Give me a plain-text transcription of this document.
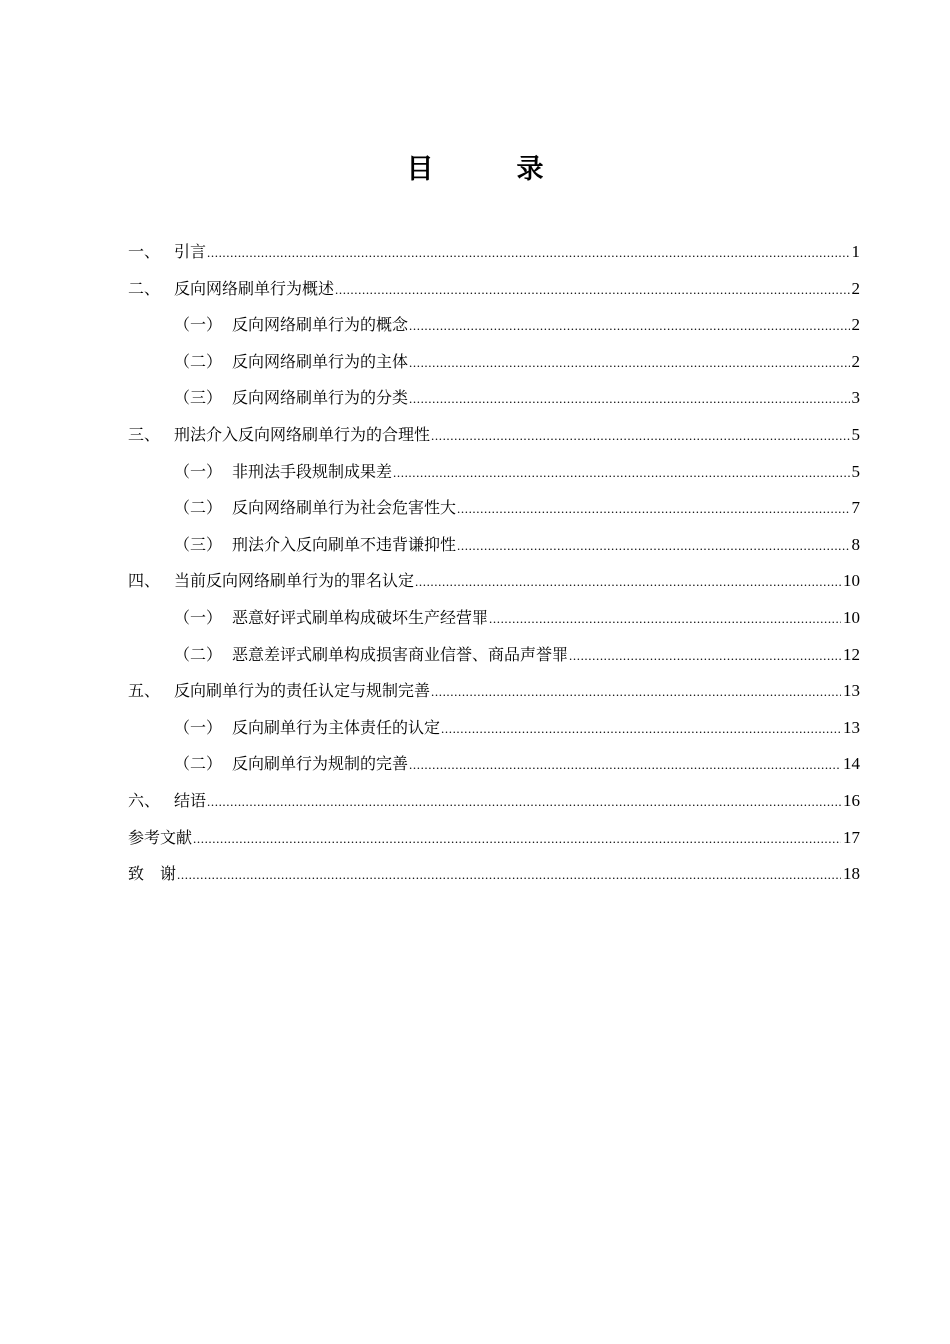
目　录
一、 引言 .....	1
二、 反向网络刷单行为概述 .....	2
（一） 反向网络刷单行为的概念 .....	2
（二） 反向网络刷单行为的主体 .....	2
（三） 反向网络刷单行为的分类 .....	3
三、 刑法介入反向网络刷单行为的合理性 .....	5
（一） 非刑法手段规制成果差 .....	5
（二） 反向网络刷单行为社会危害性大 .....	7
（三） 刑法介入反向刷单不违背谦抑性 .....	8
四、 当前反向网络刷单行为的罪名认定 .....	10
（一） 恶意好评式刷单构成破坏生产经营罪 .....	10
（二） 恶意差评式刷单构成损害商业信誉、商品声誉罪 .....	12
五、 反向刷单行为的责任认定与规制完善 .....	13
（一） 反向刷单行为主体责任的认定 .....	13
（二） 反向刷单行为规制的完善 .....	14
六、 结语 .....	16
参考文献 .....	17
致　谢 .....	18
